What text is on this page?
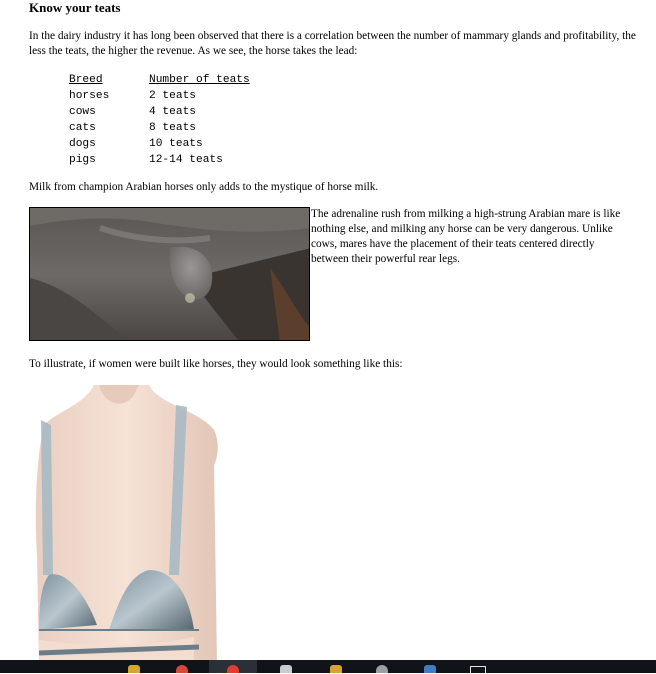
Know your teats

In the dairy industry it has long been observed that there is a correlation between the number of mammary glands and profitability, the less the teats, the higher the revenue. As we see, the horse takes the lead:

Breed	Number of teats
horses	2 teats
cows	4 teats
cats	8 teats
dogs	10 teats
pigs	12-14 teats

Milk from champion Arabian horses only adds to the mystique of horse milk.

The adrenaline rush from milking a high-strung Arabian mare is like nothing else, and milking any horse can be very dangerous. Unlike cows, mares have the placement of their teats centered directly between their powerful rear legs.

To illustrate, if women were built like horses, they would look something like this:
